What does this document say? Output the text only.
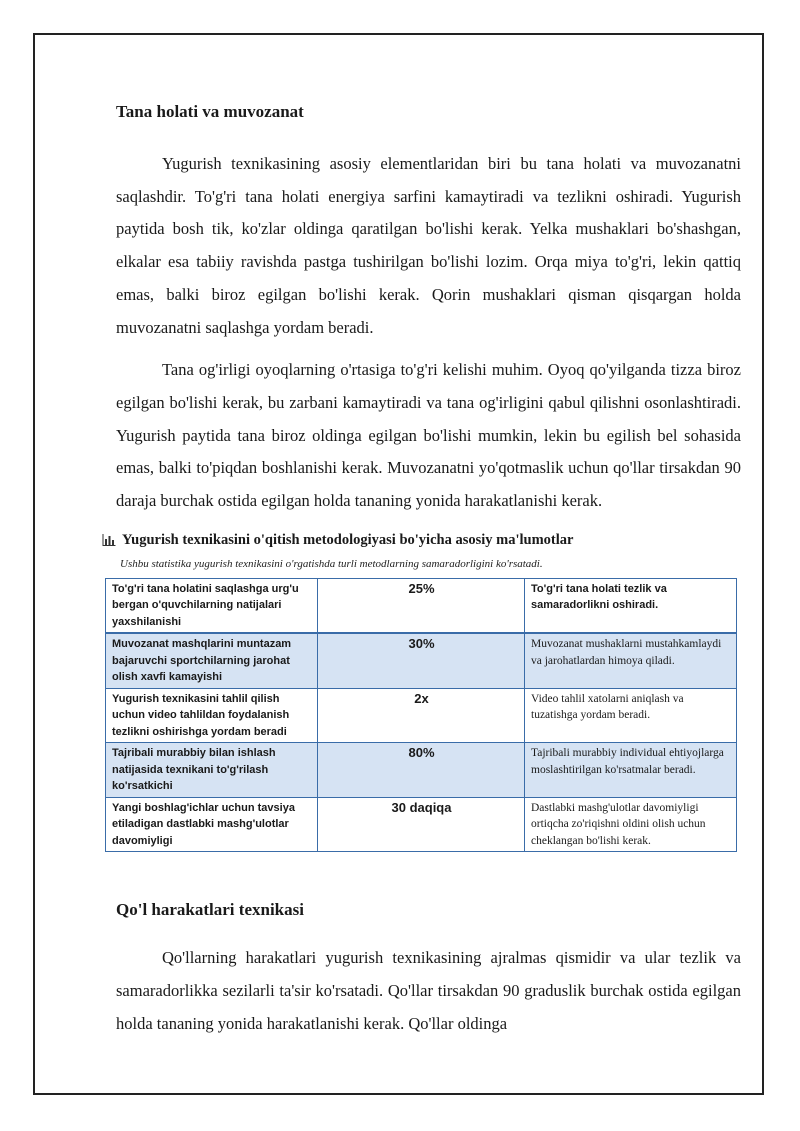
Tana holati va muvozanat

Yugurish texnikasining asosiy elementlaridan biri bu tana holati va muvozanatni saqlashdir. To'g'ri tana holati energiya sarfini kamaytiradi va tezlikni oshiradi. Yugurish paytida bosh tik, ko'zlar oldinga qaratilgan bo'lishi kerak. Yelka mushaklari bo'shashgan, elkalar esa tabiiy ravishda pastga tushirilgan bo'lishi lozim. Orqa miya to'g'ri, lekin qattiq emas, balki biroz egilgan bo'lishi kerak. Qorin mushaklari qisman qisqargan holda muvozanatni saqlashga yordam beradi.

Tana og'irligi oyoqlarning o'rtasiga to'g'ri kelishi muhim. Oyoq qo'yilganda tizza biroz egilgan bo'lishi kerak, bu zarbani kamaytiradi va tana og'irligini qabul qilishni osonlashtiradi. Yugurish paytida tana biroz oldinga egilgan bo'lishi mumkin, lekin bu egilish bel sohasida emas, balki to'piqdan boshlanishi kerak. Muvozanatni yo'qotmaslik uchun qo'llar tirsakdan 90 daraja burchak ostida egilgan holda tananing yonida harakatlanishi kerak.

Yugurish texnikasini o'qitish metodologiyasi bo'yicha asosiy ma'lumotlar
Ushbu statistika yugurish texnikasini o'rgatishda turli metodlarning samaradorligini ko'rsatadi.
To'g'ri tana holatini saqlashga urg'u bergan o'quvchilarning natijalari yaxshilanishi	25%	To'g'ri tana holati tezlik va samaradorlikni oshiradi.
Muvozanat mashqlarini muntazam bajaruvchi sportchilarning jarohat olish xavfi kamayishi	30%	Muvozanat mushaklarni mustahkamlaydi va jarohatlardan himoya qiladi.
Yugurish texnikasini tahlil qilish uchun video tahlildan foydalanish tezlikni oshirishga yordam beradi	2x	Video tahlil xatolarni aniqlash va tuzatishga yordam beradi.
Tajribali murabbiy bilan ishlash natijasida texnikani to'g'rilash ko'rsatkichi	80%	Tajribali murabbiy individual ehtiyojlarga moslashtirilgan ko'rsatmalar beradi.
Yangi boshlag'ichlar uchun tavsiya etiladigan dastlabki mashg'ulotlar davomiyligi	30 daqiqa	Dastlabki mashg'ulotlar davomiyligi ortiqcha zo'riqishni oldini olish uchun cheklangan bo'lishi kerak.
Qo'l harakatlari texnikasi

Qo'llarning harakatlari yugurish texnikasining ajralmas qismidir va ular tezlik va samaradorlikka sezilarli ta'sir ko'rsatadi. Qo'llar tirsakdan 90 graduslik burchak ostida egilgan holda tananing yonida harakatlanishi kerak. Qo'llar oldinga
